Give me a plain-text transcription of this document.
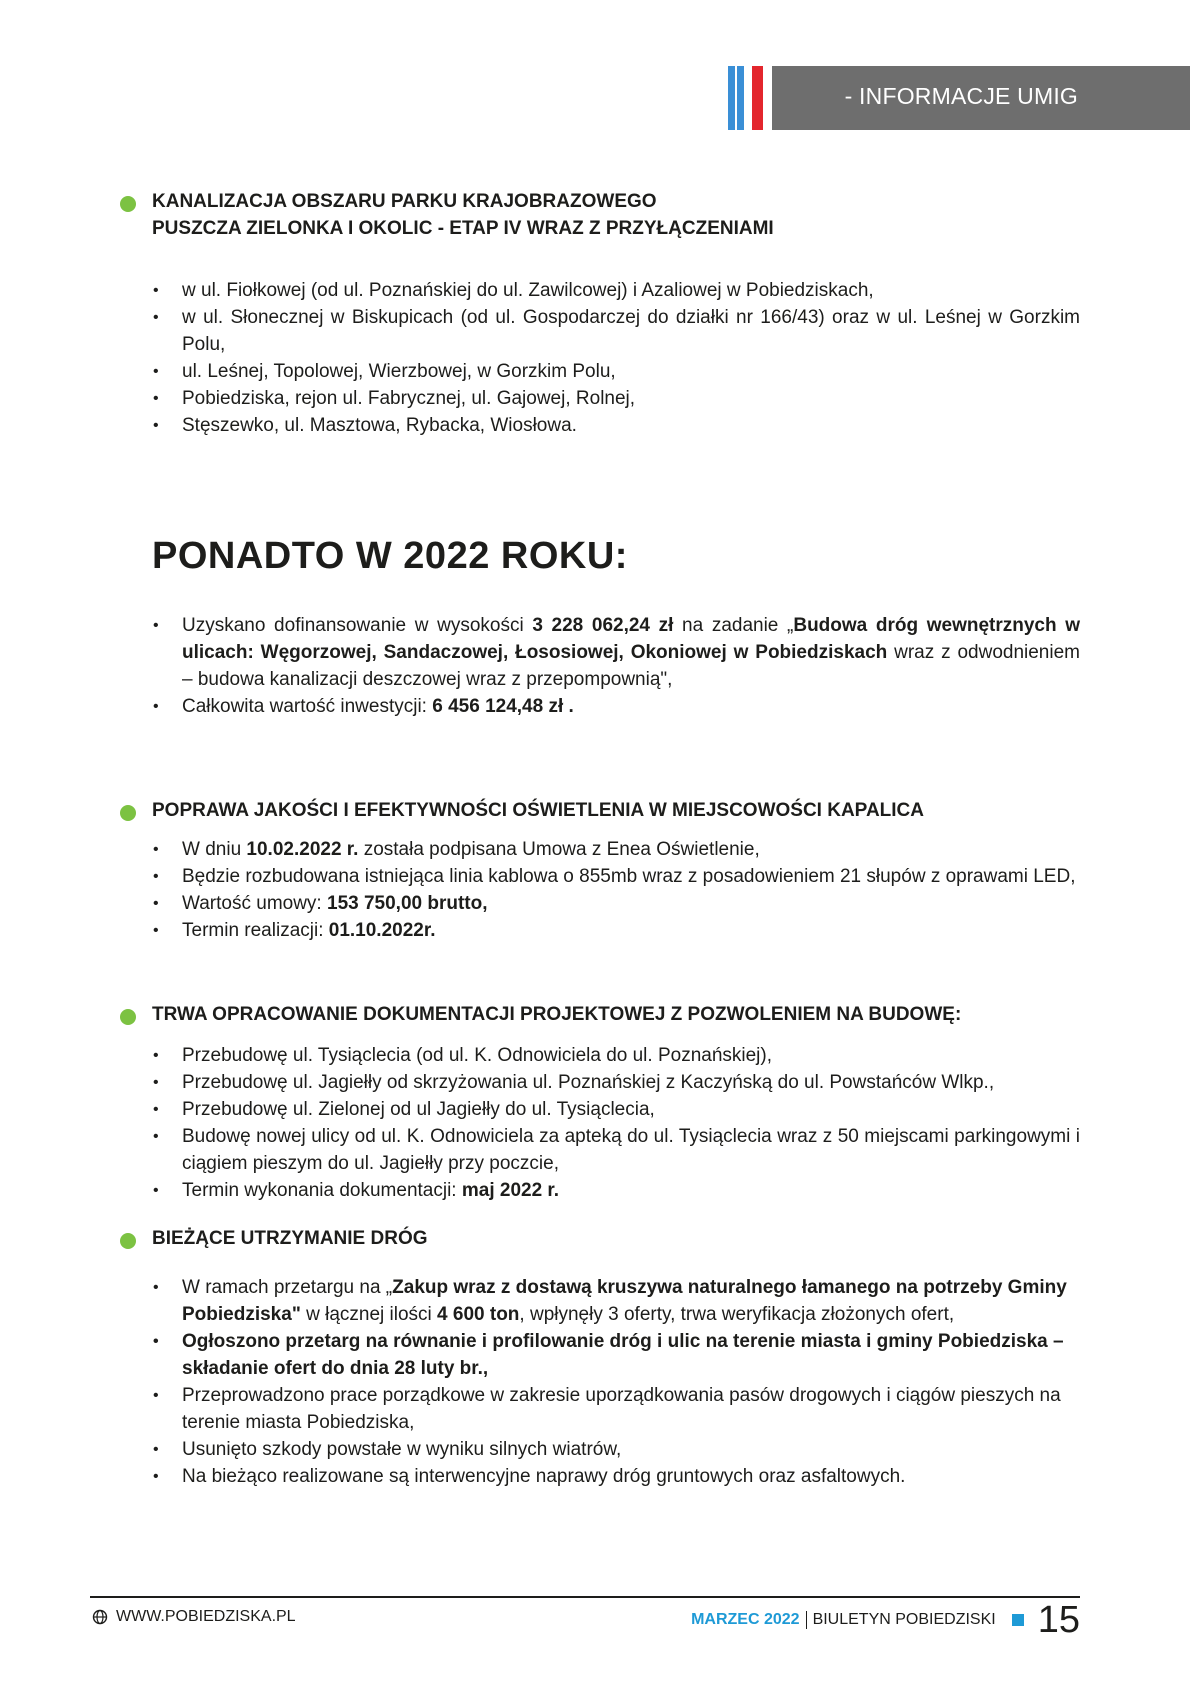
- INFORMACJE UMIG
KANALIZACJA OBSZARU PARKU KRAJOBRAZOWEGO
PUSZCZA ZIELONKA I OKOLIC - ETAP IV WRAZ Z PRZYŁĄCZENIAMI
• w ul. Fiołkowej (od ul. Poznańskiej do ul. Zawilcowej) i Azaliowej w Pobiedziskach,
• w ul. Słonecznej w Biskupicach (od ul. Gospodarczej do działki nr 166/43) oraz w ul. Leśnej w Gorzkim Polu,
• ul. Leśnej, Topolowej, Wierzbowej, w Gorzkim Polu,
• Pobiedziska, rejon ul. Fabrycznej, ul. Gajowej, Rolnej,
• Stęszewko, ul. Masztowa, Rybacka, Wiosłowa.
PONADTO W 2022 ROKU:
• Uzyskano dofinansowanie w wysokości 3 228 062,24 zł na zadanie „Budowa dróg wewnętrznych w ulicach: Węgorzowej, Sandaczowej, Łososiowej, Okoniowej w Pobiedziskach wraz z odwodnieniem – budowa kanalizacji deszczowej wraz z przepompownią",
• Całkowita wartość inwestycji: 6 456 124,48 zł .
POPRAWA JAKOŚCI I EFEKTYWNOŚCI OŚWIETLENIA W MIEJSCOWOŚCI KAPALICA
• W dniu 10.02.2022 r. została podpisana Umowa z Enea Oświetlenie,
• Będzie rozbudowana istniejąca linia kablowa o 855mb wraz z posadowieniem 21 słupów z oprawami LED,
• Wartość umowy: 153 750,00 brutto,
• Termin realizacji: 01.10.2022r.
TRWA OPRACOWANIE DOKUMENTACJI PROJEKTOWEJ Z POZWOLENIEM NA BUDOWĘ:
• Przebudowę ul. Tysiąclecia (od ul. K. Odnowiciela do ul. Poznańskiej),
• Przebudowę ul. Jagiełły od skrzyżowania ul. Poznańskiej z Kaczyńską do ul. Powstańców Wlkp.,
• Przebudowę ul. Zielonej od ul Jagiełły do ul. Tysiąclecia,
• Budowę nowej ulicy od ul. K. Odnowiciela za apteką do ul. Tysiąclecia wraz z 50 miejscami parkingowymi i ciągiem pieszym do ul. Jagiełły przy poczcie,
• Termin wykonania dokumentacji: maj 2022 r.
BIEŻĄCE UTRZYMANIE DRÓG
• W ramach przetargu na „Zakup wraz z dostawą kruszywa naturalnego łamanego na potrzeby Gminy Pobiedziska" w łącznej ilości 4 600 ton, wpłynęły 3 oferty, trwa weryfikacja złożonych ofert,
• Ogłoszono przetarg na równanie i profilowanie dróg i ulic na terenie miasta i gminy Pobiedziska – składanie ofert do dnia 28 luty br.,
• Przeprowadzono prace porządkowe w zakresie uporządkowania pasów drogowych i ciągów pieszych na terenie miasta Pobiedziska,
• Usunięto szkody powstałe w wyniku silnych wiatrów,
• Na bieżąco realizowane są interwencyjne naprawy dróg gruntowych oraz asfaltowych.
WWW.POBIEDZISKA.PL	MARZEC 2022 BIULETYN POBIEDZISKI 15
